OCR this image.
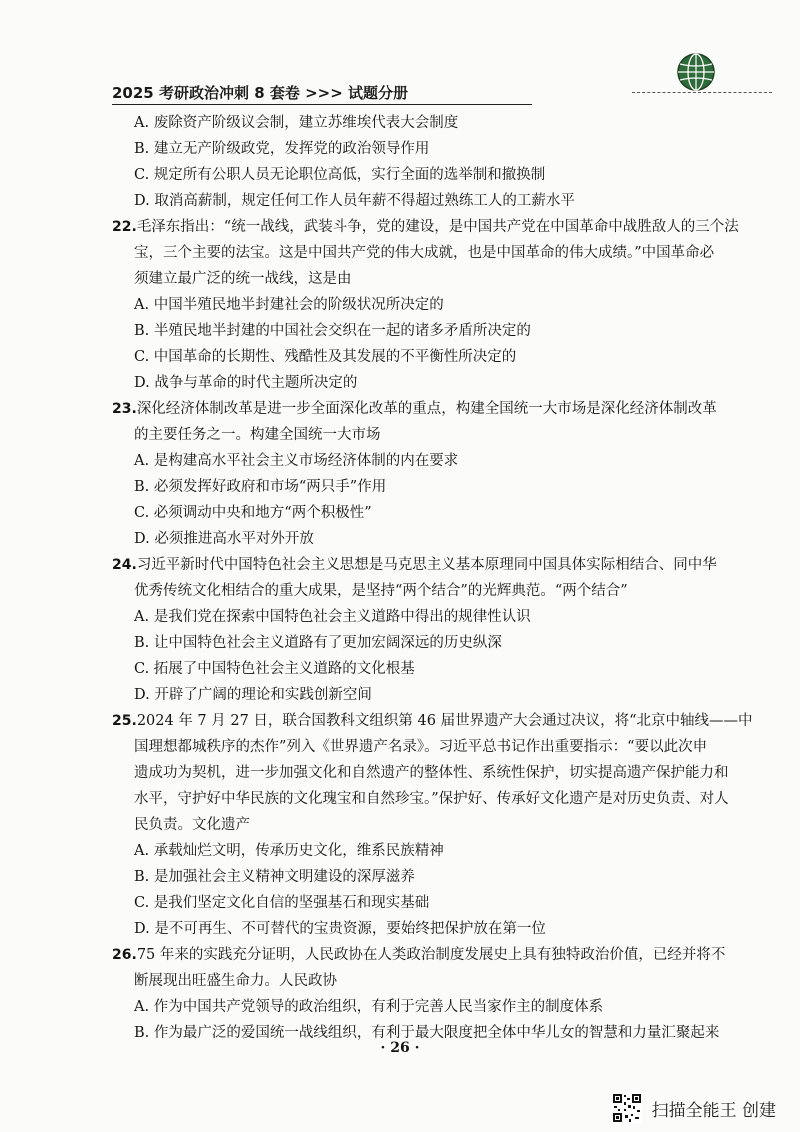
2025 考研政治冲刺 8 套卷 >>> 试题分册

A. 废除资产阶级议会制，建立苏维埃代表大会制度

B. 建立无产阶级政党，发挥党的政治领导作用

C. 规定所有公职人员无论职位高低，实行全面的选举制和撤换制

D. 取消高薪制，规定任何工作人员年薪不得超过熟练工人的工薪水平

22.毛泽东指出：“统一战线，武装斗争，党的建设，是中国共产党在中国革命中战胜敌人的三个法

宝，三个主要的法宝。这是中国共产党的伟大成就，也是中国革命的伟大成绩。”中国革命必

须建立最广泛的统一战线，这是由

A. 中国半殖民地半封建社会的阶级状况所决定的

B. 半殖民地半封建的中国社会交织在一起的诸多矛盾所决定的

C. 中国革命的长期性、残酷性及其发展的不平衡性所决定的

D. 战争与革命的时代主题所决定的

23.深化经济体制改革是进一步全面深化改革的重点，构建全国统一大市场是深化经济体制改革

的主要任务之一。构建全国统一大市场

A. 是构建高水平社会主义市场经济体制的内在要求

B. 必须发挥好政府和市场“两只手”作用

C. 必须调动中央和地方“两个积极性”

D. 必须推进高水平对外开放

24.习近平新时代中国特色社会主义思想是马克思主义基本原理同中国具体实际相结合、同中华

优秀传统文化相结合的重大成果，是坚持“两个结合”的光辉典范。“两个结合”

A. 是我们党在探索中国特色社会主义道路中得出的规律性认识

B. 让中国特色社会主义道路有了更加宏阔深远的历史纵深

C. 拓展了中国特色社会主义道路的文化根基

D. 开辟了广阔的理论和实践创新空间

25.2024 年 7 月 27 日，联合国教科文组织第 46 届世界遗产大会通过决议，将“北京中轴线——中

国理想都城秩序的杰作”列入《世界遗产名录》。习近平总书记作出重要指示：“要以此次申

遗成功为契机，进一步加强文化和自然遗产的整体性、系统性保护，切实提高遗产保护能力和

水平，守护好中华民族的文化瑰宝和自然珍宝。”保护好、传承好文化遗产是对历史负责、对人

民负责。文化遗产

A. 承载灿烂文明，传承历史文化，维系民族精神

B. 是加强社会主义精神文明建设的深厚滋养

C. 是我们坚定文化自信的坚强基石和现实基础

D. 是不可再生、不可替代的宝贵资源，要始终把保护放在第一位

26.75 年来的实践充分证明，人民政协在人类政治制度发展史上具有独特政治价值，已经并将不

断展现出旺盛生命力。人民政协

A. 作为中国共产党领导的政治组织，有利于完善人民当家作主的制度体系

B. 作为最广泛的爱国统一战线组织，有利于最大限度把全体中华儿女的智慧和力量汇聚起来

· 26 ·
扫描全能王 创建
